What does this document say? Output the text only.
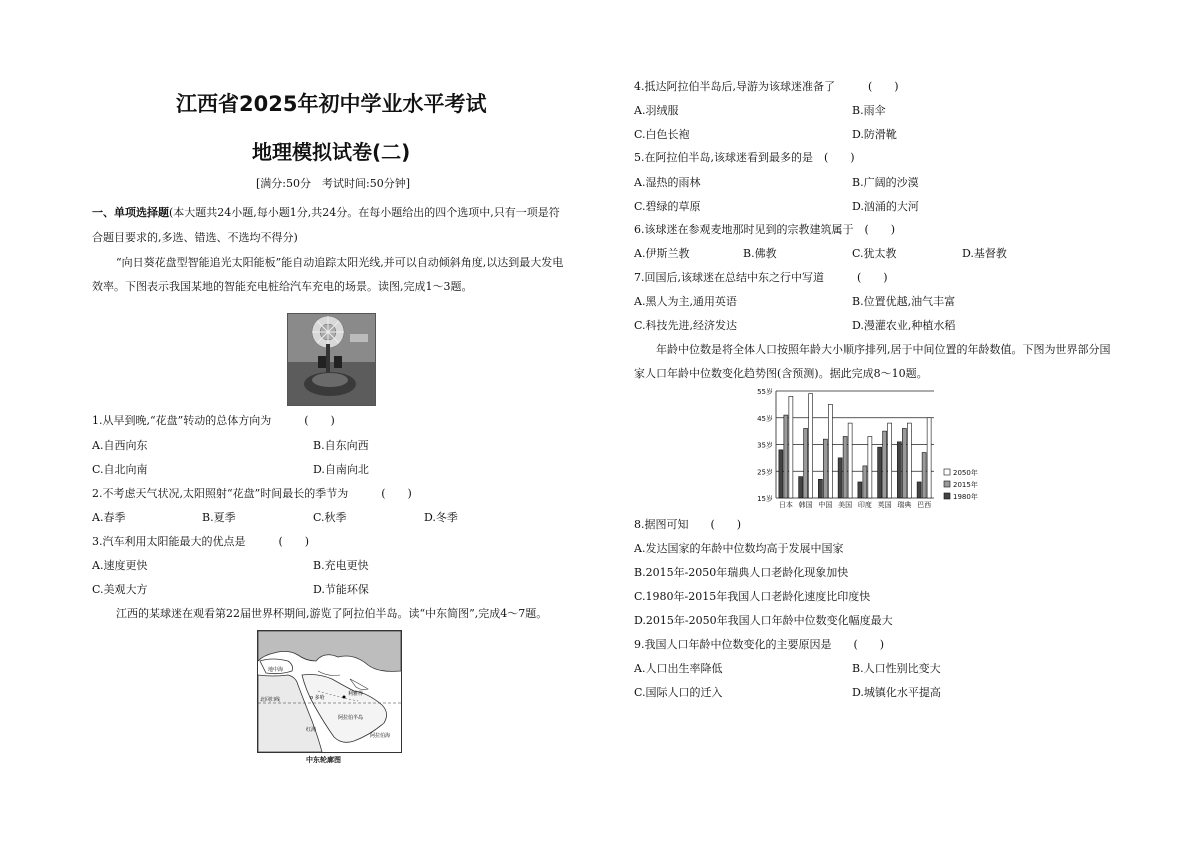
江西省2025年初中学业水平考试
地理模拟试卷(二)
[满分:50分　考试时间:50分钟]
一、单项选择题(本大题共24小题,每小题1分,共24分。在每小题给出的四个选项中,只有一项是符
合题目要求的,多选、错选、不选均不得分)
“向日葵花盘型智能追光太阳能板”能自动追踪太阳光线,并可以自动倾斜角度,以达到最大发电
效率。下图表示我国某地的智能充电桩给汽车充电的场景。读图,完成1～3题。
1.从早到晚,“花盘”转动的总体方向为　　　(　　)
A.自西向东	B.自东向西
C.自北向南	D.自南向北
2.不考虑天气状况,太阳照射“花盘”时间最长的季节为　　　(　　)
A.春季	B.夏季	C.秋季	D.冬季
3.汽车利用太阳能最大的优点是　　　(　　)
A.速度更快	B.充电更快
C.美观大方	D.节能环保
江西的某球迷在观看第22届世界杯期间,游览了阿拉伯半岛。读“中东简图”,完成4～7题。
地中海
北回归线
利雅得
o 多哈
阿拉伯半岛
阿拉伯海
红海
中东轮廓图
4.抵达阿拉伯半岛后,导游为该球迷准备了　　　(　　)
A.羽绒服	B.雨伞
C.白色长袍	D.防滑靴
5.在阿拉伯半岛,该球迷看到最多的是　(　　)
A.湿热的雨林	B.广阔的沙漠
C.碧绿的草原	D.汹涌的大河
6.该球迷在参观麦地那时见到的宗教建筑属于　(　　)
A.伊斯兰教	B.佛教	C.犹太教	D.基督教
7.回国后,该球迷在总结中东之行中写道　　　(　　)
A.黑人为主,通用英语	B.位置优越,油气丰富
C.科技先进,经济发达	D.漫灌农业,种植水稻
年龄中位数是将全体人口按照年龄大小顺序排列,居于中间位置的年龄数值。下图为世界部分国
家人口年龄中位数变化趋势图(含预测)。据此完成8～10题。
55岁
45岁
35岁
25岁
15岁
日本 韩国 中国 美国 印度 英国 瑞典 巴西
2050年
2015年
1980年
8.据图可知　　(　　)
A.发达国家的年龄中位数均高于发展中国家
B.2015年-2050年瑞典人口老龄化现象加快
C.1980年-2015年我国人口老龄化速度比印度快
D.2015年-2050年我国人口年龄中位数变化幅度最大
9.我国人口年龄中位数变化的主要原因是　　(　　)
A.人口出生率降低	B.人口性别比变大
C.国际人口的迁入	D.城镇化水平提高
